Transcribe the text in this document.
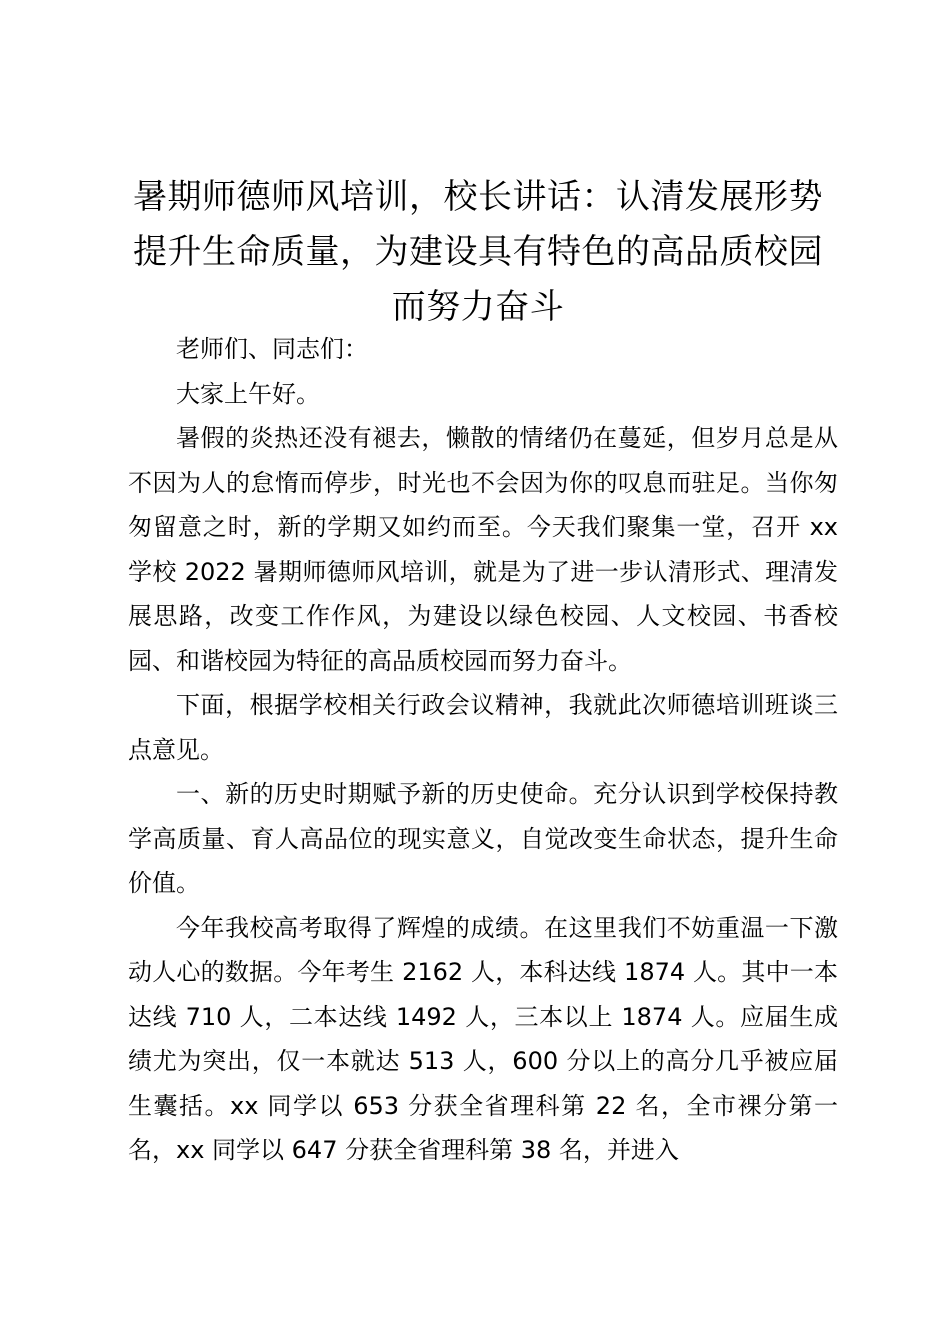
暑期师德师风培训，校长讲话：认清发展形势
提升生命质量，为建设具有特色的高品质校园
而努力奋斗

老师们、同志们：

大家上午好。

暑假的炎热还没有褪去，懒散的情绪仍在蔓延，但岁月总是从不因为人的怠惰而停步，时光也不会因为你的叹息而驻足。当你匆匆留意之时，新的学期又如约而至。今天我们聚集一堂，召开 xx 学校 2022 暑期师德师风培训，就是为了进一步认清形式、理清发展思路，改变工作作风，为建设以绿色校园、人文校园、书香校园、和谐校园为特征的高品质校园而努力奋斗。

下面，根据学校相关行政会议精神，我就此次师德培训班谈三点意见。

一、新的历史时期赋予新的历史使命。充分认识到学校保持教学高质量、育人高品位的现实意义，自觉改变生命状态，提升生命价值。

今年我校高考取得了辉煌的成绩。在这里我们不妨重温一下激动人心的数据。今年考生 2162 人，本科达线 1874 人。其中一本达线 710 人，二本达线 1492 人，三本以上 1874 人。应届生成绩尤为突出，仅一本就达 513 人，600 分以上的高分几乎被应届生囊括。xx 同学以 653 分获全省理科第 22 名，全市裸分第一名，xx 同学以 647 分获全省理科第 38 名，并进入
